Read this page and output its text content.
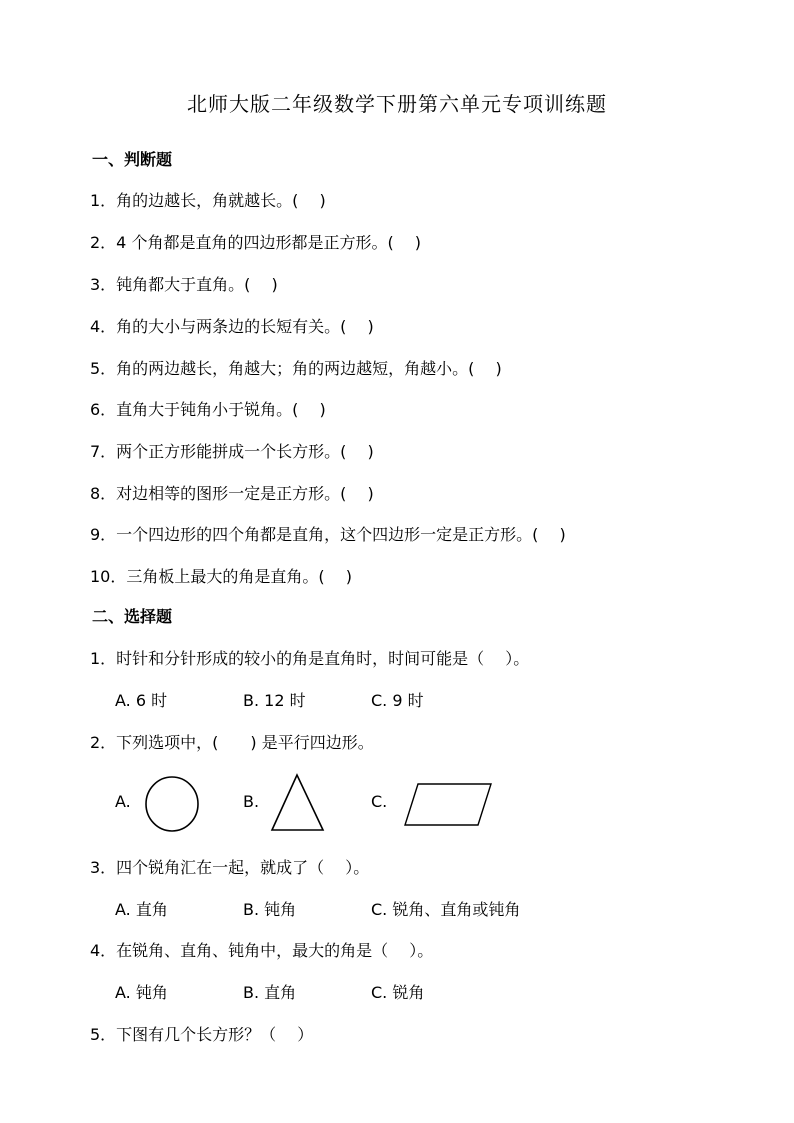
北师大版二年级数学下册第六单元专项训练题
一、判断题
1．角的边越长，角就越长。(　 )
2．4 个角都是直角的四边形都是正方形。(　 )
3．钝角都大于直角。(　 )
4．角的大小与两条边的长短有关。(　 )
5．角的两边越长，角越大；角的两边越短，角越小。(　 )
6．直角大于钝角小于锐角。(　 )
7．两个正方形能拼成一个长方形。(　 )
8．对边相等的图形一定是正方形。(　 )
9．一个四边形的四个角都是直角，这个四边形一定是正方形。(　 )
10．三角板上最大的角是直角。(　 )
二、选择题
1．时针和分针形成的较小的角是直角时，时间可能是（　 ）。
A. 6 时	B. 12 时	C. 9 时
2．下列选项中，(　　) 是平行四边形。
A.	B.	C.
3．四个锐角汇在一起，就成了（　 ）。
A. 直角	B. 钝角	C. 锐角、直角或钝角
4．在锐角、直角、钝角中，最大的角是（　 ）。
A. 钝角	B. 直角	C. 锐角
5．下图有几个长方形？（　 ）
